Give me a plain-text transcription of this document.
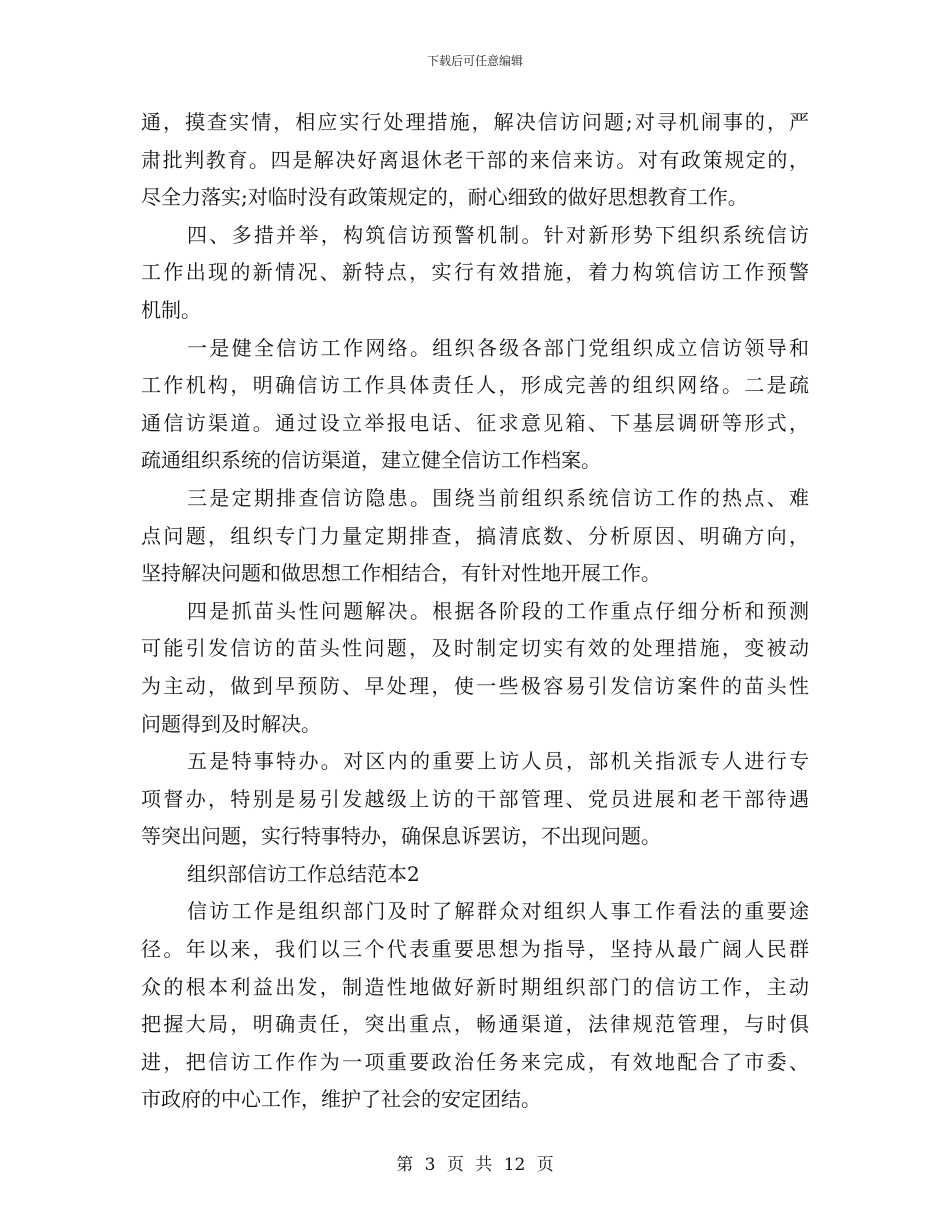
下载后可任意编辑
通，摸查实情，相应实行处理措施，解决信访问题;对寻机闹事的，严
肃批判教育。四是解决好离退休老干部的来信来访。对有政策规定的，
尽全力落实;对临时没有政策规定的，耐心细致的做好思想教育工作。
四、多措并举，构筑信访预警机制。针对新形势下组织系统信访
工作出现的新情况、新特点，实行有效措施，着力构筑信访工作预警
机制。
一是健全信访工作网络。组织各级各部门党组织成立信访领导和
工作机构，明确信访工作具体责任人，形成完善的组织网络。二是疏
通信访渠道。通过设立举报电话、征求意见箱、下基层调研等形式，
疏通组织系统的信访渠道，建立健全信访工作档案。
三是定期排查信访隐患。围绕当前组织系统信访工作的热点、难
点问题，组织专门力量定期排查，搞清底数、分析原因、明确方向，
坚持解决问题和做思想工作相结合，有针对性地开展工作。
四是抓苗头性问题解决。根据各阶段的工作重点仔细分析和预测
可能引发信访的苗头性问题，及时制定切实有效的处理措施，变被动
为主动，做到早预防、早处理，使一些极容易引发信访案件的苗头性
问题得到及时解决。
五是特事特办。对区内的重要上访人员，部机关指派专人进行专
项督办，特别是易引发越级上访的干部管理、党员进展和老干部待遇
等突出问题，实行特事特办，确保息诉罢访，不出现问题。
组织部信访工作总结范本2
信访工作是组织部门及时了解群众对组织人事工作看法的重要途
径。年以来，我们以三个代表重要思想为指导，坚持从最广阔人民群
众的根本利益出发，制造性地做好新时期组织部门的信访工作，主动
把握大局，明确责任，突出重点，畅通渠道，法律规范管理，与时俱
进，把信访工作作为一项重要政治任务来完成，有效地配合了市委、
市政府的中心工作，维护了社会的安定团结。
第 3 页 共 12 页
